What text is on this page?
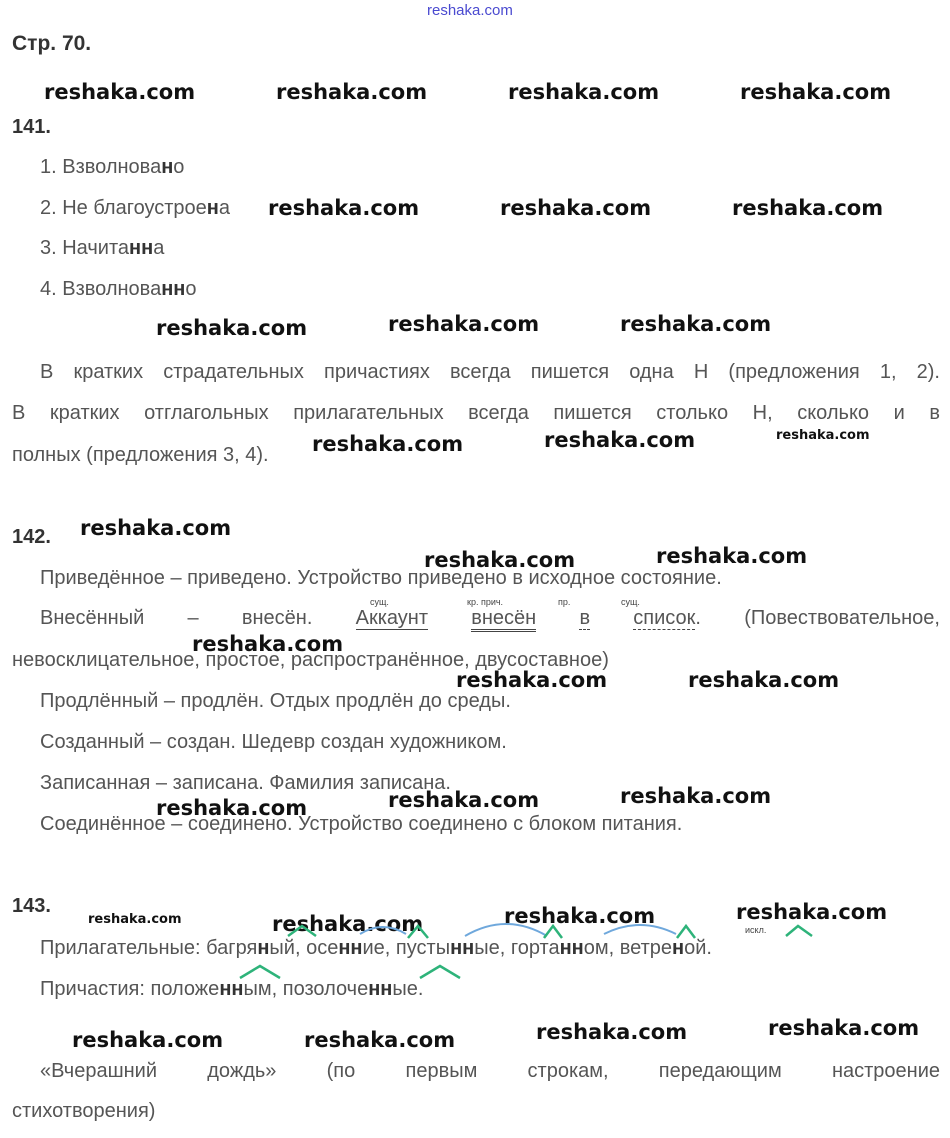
reshaka.com
Стр. 70.
reshaka.com	reshaka.com	reshaka.com	reshaka.com
reshaka.com	reshaka.com	reshaka.com
reshaka.com	reshaka.com	reshaka.com
reshaka.com	reshaka.com	reshaka.com
reshaka.com
reshaka.com	reshaka.com
reshaka.com
reshaka.com	reshaka.com
reshaka.com	reshaka.com	reshaka.com
reshaka.com	reshaka.com	reshaka.com	reshaka.com
reshaka.com	reshaka.com	reshaka.com	reshaka.com
141.
1. Взволновано
2. Не благоустроена
3. Начитанна
4. Взволнованно
В кратких страдательных причастиях всегда пишется одна Н (предложения 1, 2).
В кратких отглагольных прилагательных всегда пишется столько Н, сколько и в
полных (предложения 3, 4).
142.
Приведённое – приведено. Устройство приведено в исходное состояние.
сущ.	кр. прич.	пр.	сущ.
Внесённый – внесён. Аккаунт внесён в список. (Повествовательное,
невосклицательное, простое, распространённое, двусоставное)
Продлённый – продлён. Отдых продлён до среды.
Созданный – создан. Шедевр создан художником.
Записанная – записана. Фамилия записана.
Соединённое – соединено. Устройство соединено с блоком питания.
143.
искл.
Прилагательные: багряный, осенние, пустынные, гортанном, ветреной.
Причастия: положенным, позолоченные.
«Вчерашний дождь» (по первым строкам, передающим настроение
стихотворения)
